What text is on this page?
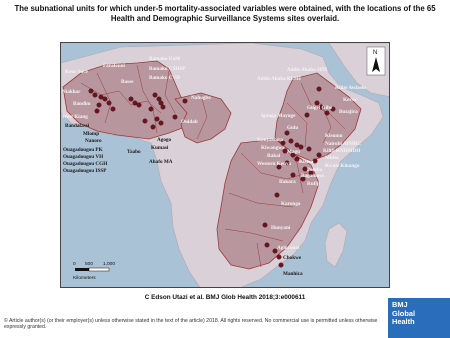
The subnational units for which under-5 mortality-associated variables were obtained, with the locations of the 65 Health and Demographic Surveillance Systems sites overlaid.
Keur Soce
Farafenni
Bamako UoM
Bamako CSHSP
Bamako CVD
Basse
Niakhar
Bandim
West Kiang
Bandafassi
Mlomp
Nanoro
Ouagadougou PK
Ouagadougou VH
Ouagadougou CGH
Ouagadougou ISSP
Taabo
Ahafo MA
Kumasi
Agogo
Nahogbo
Ouidah
Addis Ababa SPH
Addis Ababa BLSH
Kilite Awlaelo
Kersa
Butajira
Gilgel Gibe
Iganga Mayuge
Gulu
Kisumu
Nairobi APHRC
Kilifi KNHMDH
Mbita
Kwale Kinango
Kanyawara
Kiwangwa
Rakai
Western Kenya Kisesa
Bagamoyo
Pemba
Rufiji
Ifakara
Magu
Karonga
Hunyani
Agincourt
Chokwe
Manhica
N
0 500 1,000
Kilometers
C Edson Utazi et al. BMJ Glob Health 2018;3:e000611
© Article author(s) (or their employer(s) unless otherwise stated in the text of the article) 2018. All rights reserved. No commercial use is permitted unless otherwise expressly granted.
BMJ
Global
Health
